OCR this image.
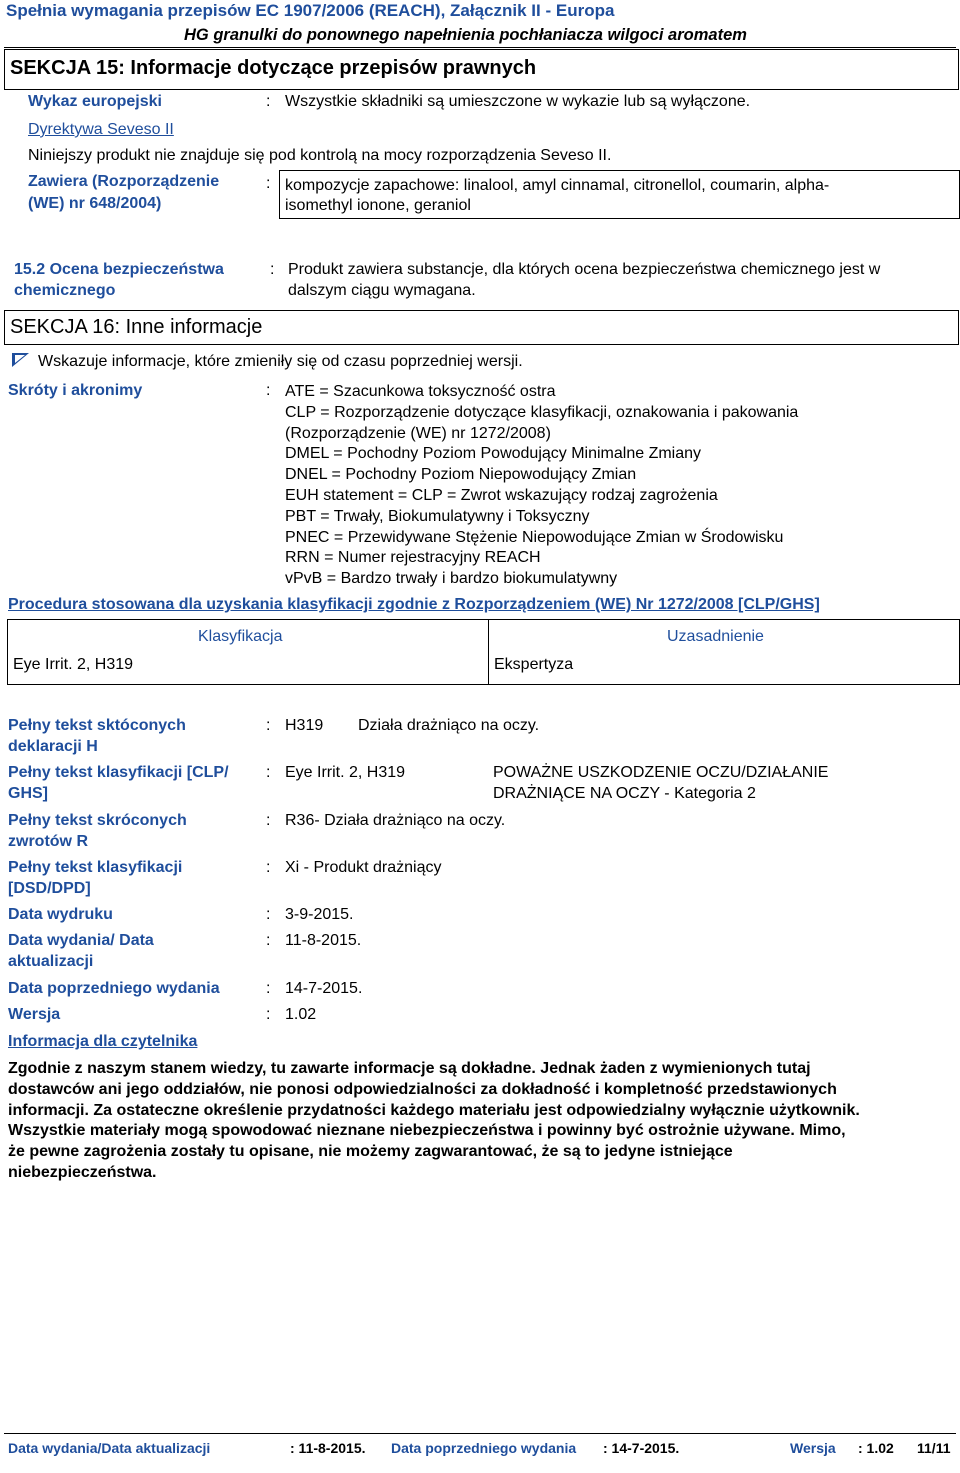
Spełnia wymagania przepisów EC 1907/2006 (REACH), Załącznik II - Europa
HG granulki do ponownego napełnienia pochłaniacza wilgoci aromatem
SEKCJA 15: Informacje dotyczące przepisów prawnych
Wykaz europejski	: Wszystkie składniki są umieszczone w wykazie lub są wyłączone.
Dyrektywa Seveso II
Niniejszy produkt nie znajduje się pod kontrolą na mocy rozporządzenia Seveso II.
Zawiera (Rozporządzenie
(WE) nr 648/2004)
: kompozycje zapachowe: linalool, amyl cinnamal, citronellol, coumarin, alpha-
isomethyl ionone, geraniol
15.2 Ocena bezpieczeństwa
chemicznego
: Produkt zawiera substancje, dla których ocena bezpieczeństwa chemicznego jest w
dalszym ciągu wymagana.
SEKCJA 16: Inne informacje
Wskazuje informacje, które zmieniły się od czasu poprzedniej wersji.
Skróty i akronimy	: ATE = Szacunkowa toksyczność ostra
CLP = Rozporządzenie dotyczące klasyfikacji, oznakowania i pakowania
(Rozporządzenie (WE) nr 1272/2008)
DMEL = Pochodny Poziom Powodujący Minimalne Zmiany
DNEL = Pochodny Poziom Niepowodujący Zmian
EUH statement = CLP = Zwrot wskazujący rodzaj zagrożenia
PBT = Trwały, Biokumulatywny i Toksyczny
PNEC = Przewidywane Stężenie Niepowodujące Zmian w Środowisku
RRN = Numer rejestracyjny REACH
vPvB = Bardzo trwały i bardzo biokumulatywny
Procedura stosowana dla uzyskania klasyfikacji zgodnie z Rozporządzeniem (WE) Nr 1272/2008 [CLP/GHS]
Klasyfikacja	Uzasadnienie
Eye Irrit. 2, H319	Ekspertyza
Pełny tekst sktóconych
deklaracji H
: H319 Działa drażniąco na oczy.
Pełny tekst klasyfikacji [CLP/
GHS]
: Eye Irrit. 2, H319	POWAŻNE USZKODZENIE OCZU/DZIAŁANIE
DRAŻNIĄCE NA OCZY - Kategoria 2
Pełny tekst skróconych
zwrotów R
: R36- Działa drażniąco na oczy.
Pełny tekst klasyfikacji
[DSD/DPD]
: Xi - Produkt drażniący
Data wydruku	: 3-9-2015.
Data wydania/ Data
aktualizacji
: 11-8-2015.
Data poprzedniego wydania	: 14-7-2015.
Wersja	: 1.02
Informacja dla czytelnika
Zgodnie z naszym stanem wiedzy, tu zawarte informacje są dokładne. Jednak żaden z wymienionych tutaj
dostawców ani jego oddziałów, nie ponosi odpowiedzialności za dokładność i kompletność przedstawionych
informacji. Za ostateczne określenie przydatności każdego materiału jest odpowiedzialny wyłącznie użytkownik.
Wszystkie materiały mogą spowodować nieznane niebezpieczeństwa i powinny być ostrożnie używane. Mimo,
że pewne zagrożenia zostały tu opisane, nie możemy zagwarantować, że są to jedyne istniejące
niebezpieczeństwa.
Data wydania/Data aktualizacji	: 11-8-2015. Data poprzedniego wydania : 14-7-2015.	Wersja : 1.02 11/11
